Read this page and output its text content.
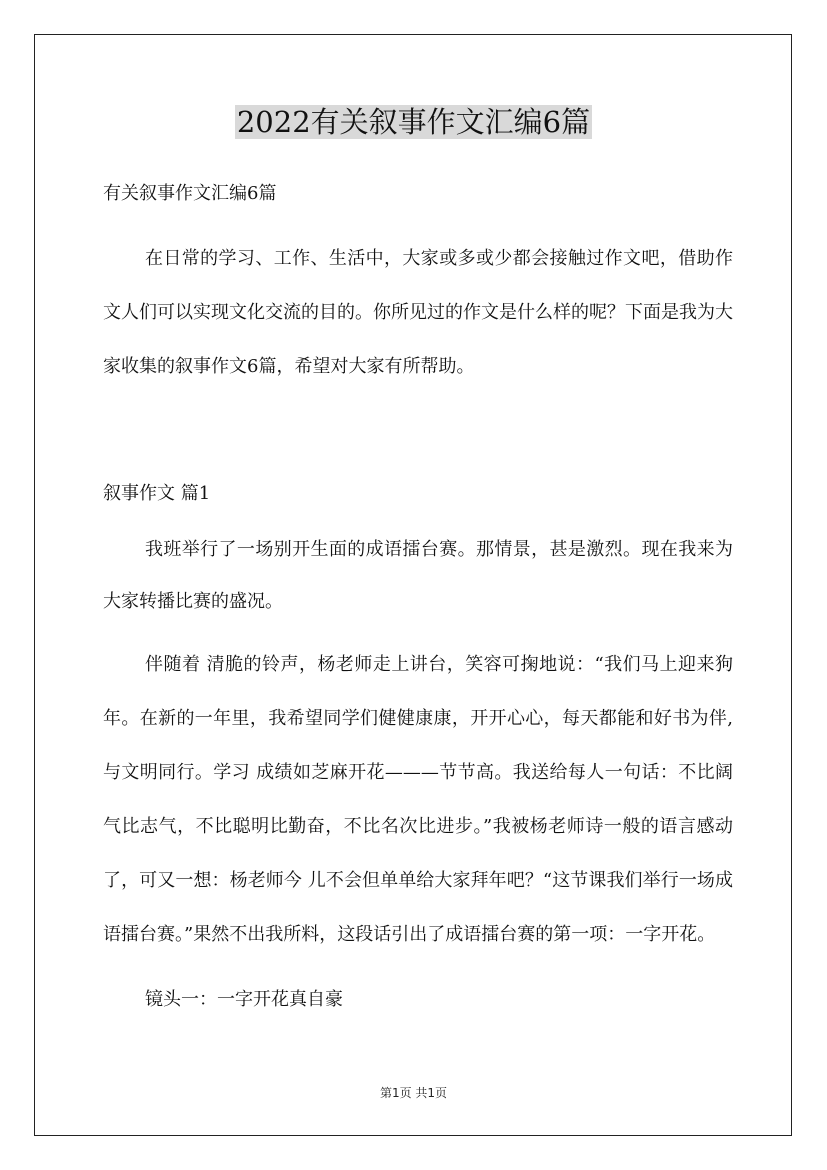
2022有关叙事作文汇编6篇
有关叙事作文汇编6篇

在日常的学习、工作、生活中，大家或多或少都会接触过作文吧，借助作文人们可以实现文化交流的目的。你所见过的作文是什么样的呢？下面是我为大家收集的叙事作文6篇，希望对大家有所帮助。

叙事作文 篇1

我班举行了一场别开生面的成语擂台赛。那情景，甚是激烈。现在我来为大家转播比赛的盛况。

伴随着 清脆的铃声，杨老师走上讲台，笑容可掬地说：“我们马上迎来狗年。在新的一年里，我希望同学们健健康康，开开心心，每天都能和好书为伴,与文明同行。学习 成绩如芝麻开花———节节高。我送给每人一句话：不比阔气比志气，不比聪明比勤奋，不比名次比进步。”我被杨老师诗一般的语言感动了，可又一想：杨老师今 儿不会但单单给大家拜年吧？“这节课我们举行一场成语擂台赛。”果然不出我所料，这段话引出了成语擂台赛的第一项：一字开花。

镜头一：一字开花真自豪

第1页 共1页
